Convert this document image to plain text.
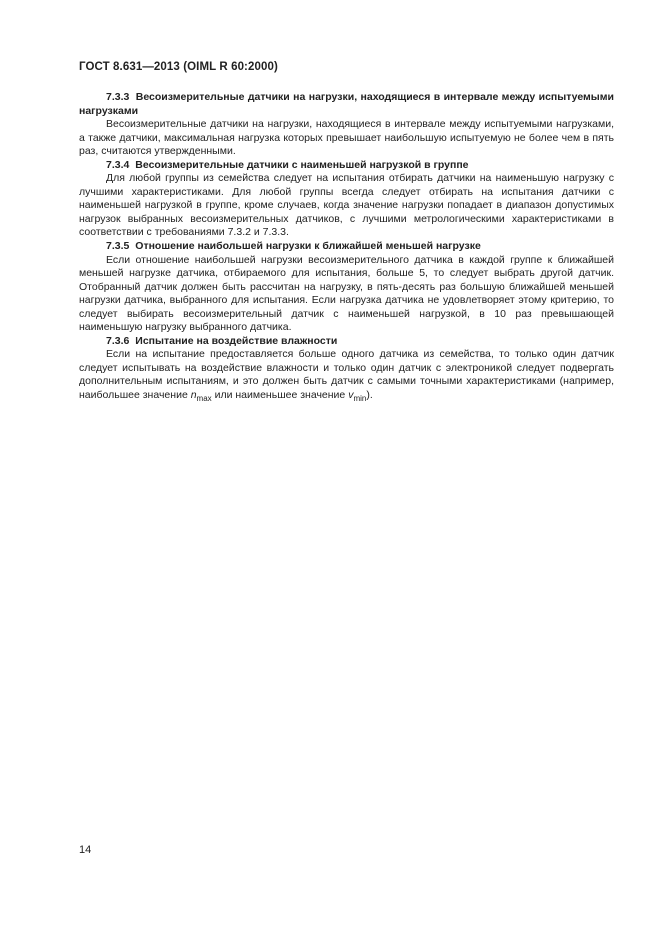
ГОСТ 8.631—2013 (OIML R 60:2000)
7.3.3 Весоизмерительные датчики на нагрузки, находящиеся в интервале между испытуемыми нагрузками
Весоизмерительные датчики на нагрузки, находящиеся в интервале между испытуемыми нагрузками, а также датчики, максимальная нагрузка которых превышает наибольшую испытуемую не более чем в пять раз, считаются утвержденными.
7.3.4 Весоизмерительные датчики с наименьшей нагрузкой в группе
Для любой группы из семейства следует на испытания отбирать датчики на наименьшую нагрузку с лучшими характеристиками. Для любой группы всегда следует отбирать на испытания датчики с наименьшей нагрузкой в группе, кроме случаев, когда значение нагрузки попадает в диапазон допустимых нагрузок выбранных весоизмерительных датчиков, с лучшими метрологическими характеристиками в соответствии с требованиями 7.3.2 и 7.3.3.
7.3.5 Отношение наибольшей нагрузки к ближайшей меньшей нагрузке
Если отношение наибольшей нагрузки весоизмерительного датчика в каждой группе к ближайшей меньшей нагрузке датчика, отбираемого для испытания, больше 5, то следует выбрать другой датчик. Отобранный датчик должен быть рассчитан на нагрузку, в пять-десять раз большую ближайшей меньшей нагрузки датчика, выбранного для испытания. Если нагрузка датчика не удовлетворяет этому критерию, то следует выбирать весоизмерительный датчик с наименьшей нагрузкой, в 10 раз превышающей наименьшую нагрузку выбранного датчика.
7.3.6 Испытание на воздействие влажности
Если на испытание предоставляется больше одного датчика из семейства, то только один датчик следует испытывать на воздействие влажности и только один датчик с электроникой следует подвергать дополнительным испытаниям, и это должен быть датчик с самыми точными характеристиками (например, наибольшее значение $n_{max}$ или наименьшее значение $v_{min}$).
14
